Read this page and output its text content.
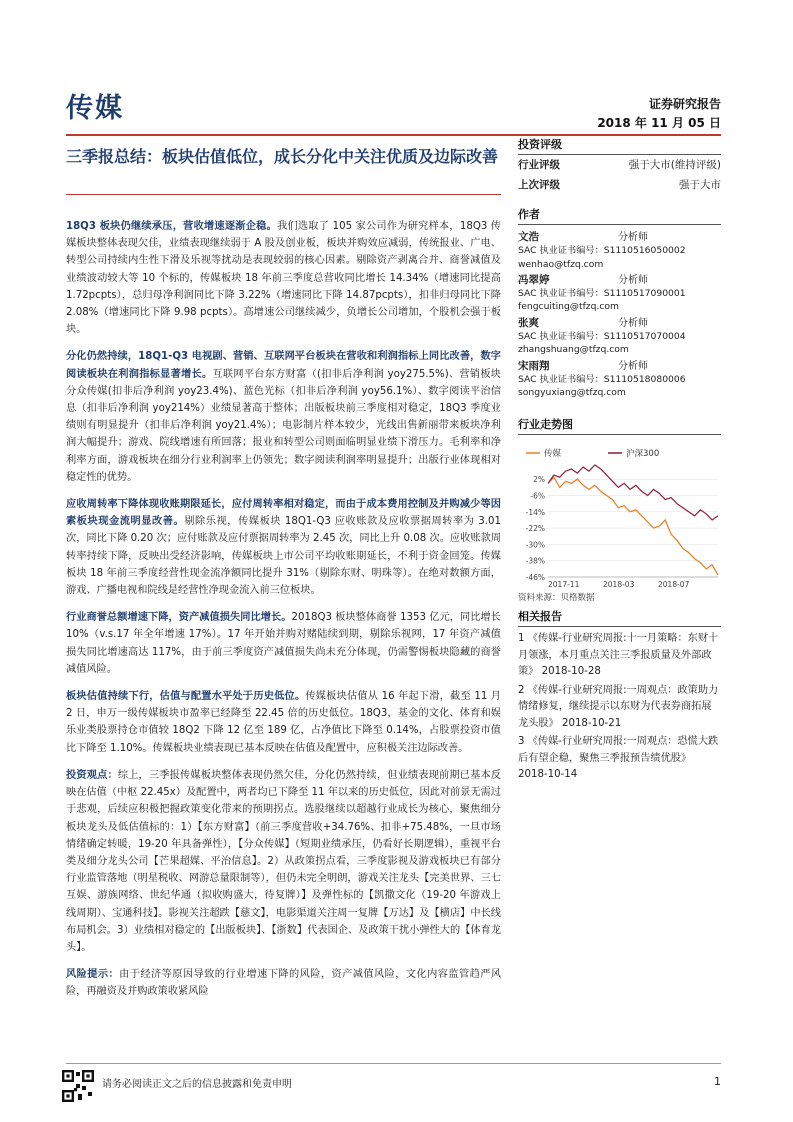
传媒	证券研究报告
2018 年 11 月 05 日
三季报总结：板块估值低位，成长分化中关注优质及边际改善

18Q3 板块仍继续承压，营收增速逐渐企稳。我们选取了 105 家公司作为研究样本，18Q3 传媒板块整体表现欠佳，业绩表现继续弱于 A 股及创业板，板块并购效应减弱，传统报业、广电、转型公司持续内生性下滑及乐视等扰动是表现较弱的核心因素。剔除资产剥离合并、商誉减值及业绩波动较大等 10 个标的，传媒板块 18 年前三季度总营收同比增长 14.34%（增速同比提高 1.72pcpts），总归母净利润同比下降 3.22%（增速同比下降 14.87pcpts），扣非归母同比下降 2.08%（增速同比下降 9.98 pcpts）。高增速公司继续减少，负增长公司增加，个股机会强于板块。

分化仍然持续，18Q1-Q3 电视剧、营销、互联网平台板块在营收和利润指标上同比改善，数字阅读板块在利润指标显著增长。互联网平台东方财富（(扣非后净利润 yoy275.5%)、营销板块分众传媒(扣非后净利润 yoy23.4%)、蓝色光标（扣非后净利润 yoy56.1%）、数字阅读平治信息（扣非后净利润 yoy214%）业绩显著高于整体；出版板块前三季度相对稳定，18Q3 季度业绩则有明显提升（扣非后净利润 yoy21.4%）；电影制片样本较少，光线出售新丽带来板块净利润大幅提升；游戏、院线增速有所回落；报业和转型公司则面临明显业绩下滑压力。毛利率和净利率方面，游戏板块在细分行业利润率上仍领先；数字阅读利润率明显提升；出版行业体现相对稳定性的优势。

应收周转率下降体现收账期限延长，应付周转率相对稳定，而由于成本费用控制及并购减少等因素板块现金流明显改善。剔除乐视，传媒板块 18Q1-Q3 应收账款及应收票据周转率为 3.01 次，同比下降 0.20 次；应付账款及应付票据周转率为 2.45 次，同比上升 0.08 次。应收账款周转率持续下降，反映出受经济影响，传媒板块上市公司平均收账期延长，不利于资金回笼。传媒板块 18 年前三季度经营性现金流净额同比提升 31%（剔除东财、明珠等）。在绝对数额方面，游戏、广播电视和院线是经营性净现金流入前三位板块。

行业商誉总额增速下降，资产减值损失同比增长。2018Q3 板块整体商誉 1353 亿元，同比增长 10%（v.s.17 年全年增速 17%）。17 年开始并购对赌陆续到期，剔除乐视网，17 年资产减值损失同比增速高达 117%，由于前三季度资产减值损失尚未充分体现，仍需警惕板块隐藏的商誉减值风险。

板块估值持续下行，估值与配置水平处于历史低位。传媒板块估值从 16 年起下滑，截至 11 月 2 日，申万一级传媒板块市盈率已经降至 22.45 倍的历史低位。18Q3，基金的文化、体育和娱乐业类股票持仓市值较 18Q2 下降 12 亿至 189 亿，占净值比下降至 0.14%，占股票投资市值比下降至 1.10%。传媒板块业绩表现已基本反映在估值及配置中，应积极关注边际改善。

投资观点：综上，三季报传媒板块整体表现仍然欠佳，分化仍然持续，但业绩表现前期已基本反映在估值（中枢 22.45x）及配置中，两者均已下降至 11 年以来的历史低位，因此对前景无需过于悲观，后续应积极把握政策变化带来的预期拐点。选股继续以超越行业成长为核心，聚焦细分板块龙头及低估值标的：1）【东方财富】（前三季度营收+34.76%、扣非+75.48%，一旦市场情绪确定转暖，19-20 年具备弹性），【分众传媒】（短期业绩承压，仍看好长期逻辑），重视平台类及细分龙头公司【芒果超媒、平治信息】。2）从政策拐点看，三季度影视及游戏板块已有部分行业监管落地（明星税收、网游总量限制等），但仍未完全明朗，游戏关注龙头【完美世界、三七互娱、游族网络、世纪华通（拟收购盛大，待复牌）】及弹性标的【凯撒文化（19-20 年游戏上线周期）、宝通科技】。影视关注超跌【慈文】，电影渠道关注周一复牌【万达】及【横店】中长线布局机会。3）业绩相对稳定的【出版板块】、【浙数】代表国企、及政策干扰小弹性大的【体育龙头】。

风险提示：由于经济等原因导致的行业增速下降的风险，资产减值风险，文化内容监管趋严风险，再融资及并购政策收紧风险

投资评级
行业评级	强于大市(维持评级)
上次评级	强于大市
作者
文浩	分析师
SAC 执业证书编号：S1110516050002
wenhao@tfzq.com
冯翠婷	分析师
SAC 执业证书编号：S1110517090001
fengcuiting@tfzq.com
张爽	分析师
SAC 执业证书编号：S1110517070004
zhangshuang@tfzq.com
宋雨翔	分析师
SAC 执业证书编号：S1110518080006
songyuxiang@tfzq.com
行业走势图
传媒	沪深300
2%
-6%
-14%
-22%
-30%
-38%
-46%
2017-11	2018-03	2018-07
资料来源：贝格数据
相关报告
1 《传媒-行业研究周报:十一月策略：东财十月领涨，本月重点关注三季报质量及外部政策》 2018-10-28
2 《传媒-行业研究周报:一周观点：政策助力情绪修复，继续提示以东财为代表券商拓展龙头股》 2018-10-21
3 《传媒-行业研究周报:一周观点：恐慌大跌后有望企稳，聚焦三季报预告绩优股》 2018-10-14
请务必阅读正文之后的信息披露和免责申明	1
